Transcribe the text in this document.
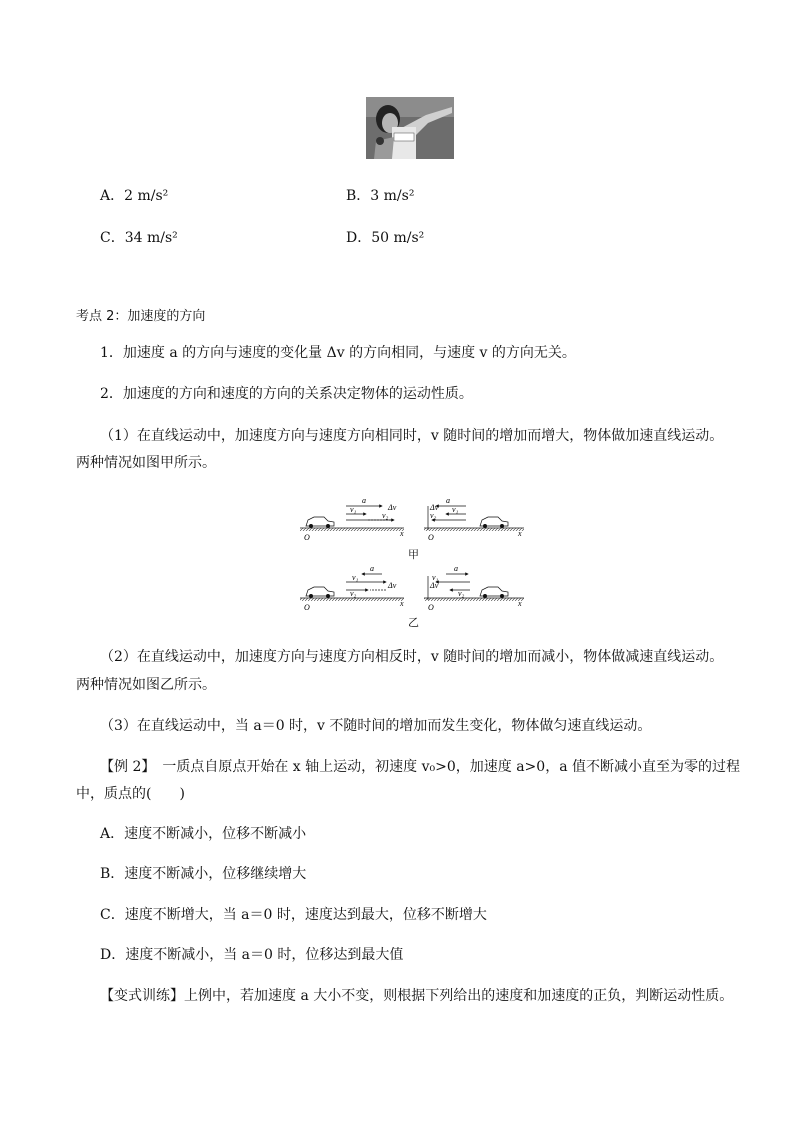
A．2 m/s²	B．3 m/s²
C．34 m/s²	D．50 m/s²
考点 2：加速度的方向
1．加速度 a 的方向与速度的变化量 Δv 的方向相同，与速度 v 的方向无关。
2．加速度的方向和速度的方向的关系决定物体的运动性质。
（1）在直线运动中，加速度方向与速度方向相同时，v 随时间的增加而增大，物体做加速直线运动。
两种情况如图甲所示。
a
v₁
v₂
Δv
O	x
a
v₁
v₂
Δv
O	x
a
v₁
v₂
Δv
O	x
a
v₁
v₂
Δv
O	x
甲
乙
（2）在直线运动中，加速度方向与速度方向相反时，v 随时间的增加而减小，物体做减速直线运动。
两种情况如图乙所示。
（3）在直线运动中，当 a＝0 时，v 不随时间的增加而发生变化，物体做匀速直线运动。
【例 2】　一质点自原点开始在 x 轴上运动，初速度 v₀>0，加速度 a>0，a 值不断减小直至为零的过程
中，质点的(　　)
A．速度不断减小，位移不断减小
B．速度不断减小，位移继续增大
C．速度不断增大，当 a＝0 时，速度达到最大，位移不断增大
D．速度不断减小，当 a＝0 时，位移达到最大值
【变式训练】上例中，若加速度 a 大小不变，则根据下列给出的速度和加速度的正负，判断运动性质。
